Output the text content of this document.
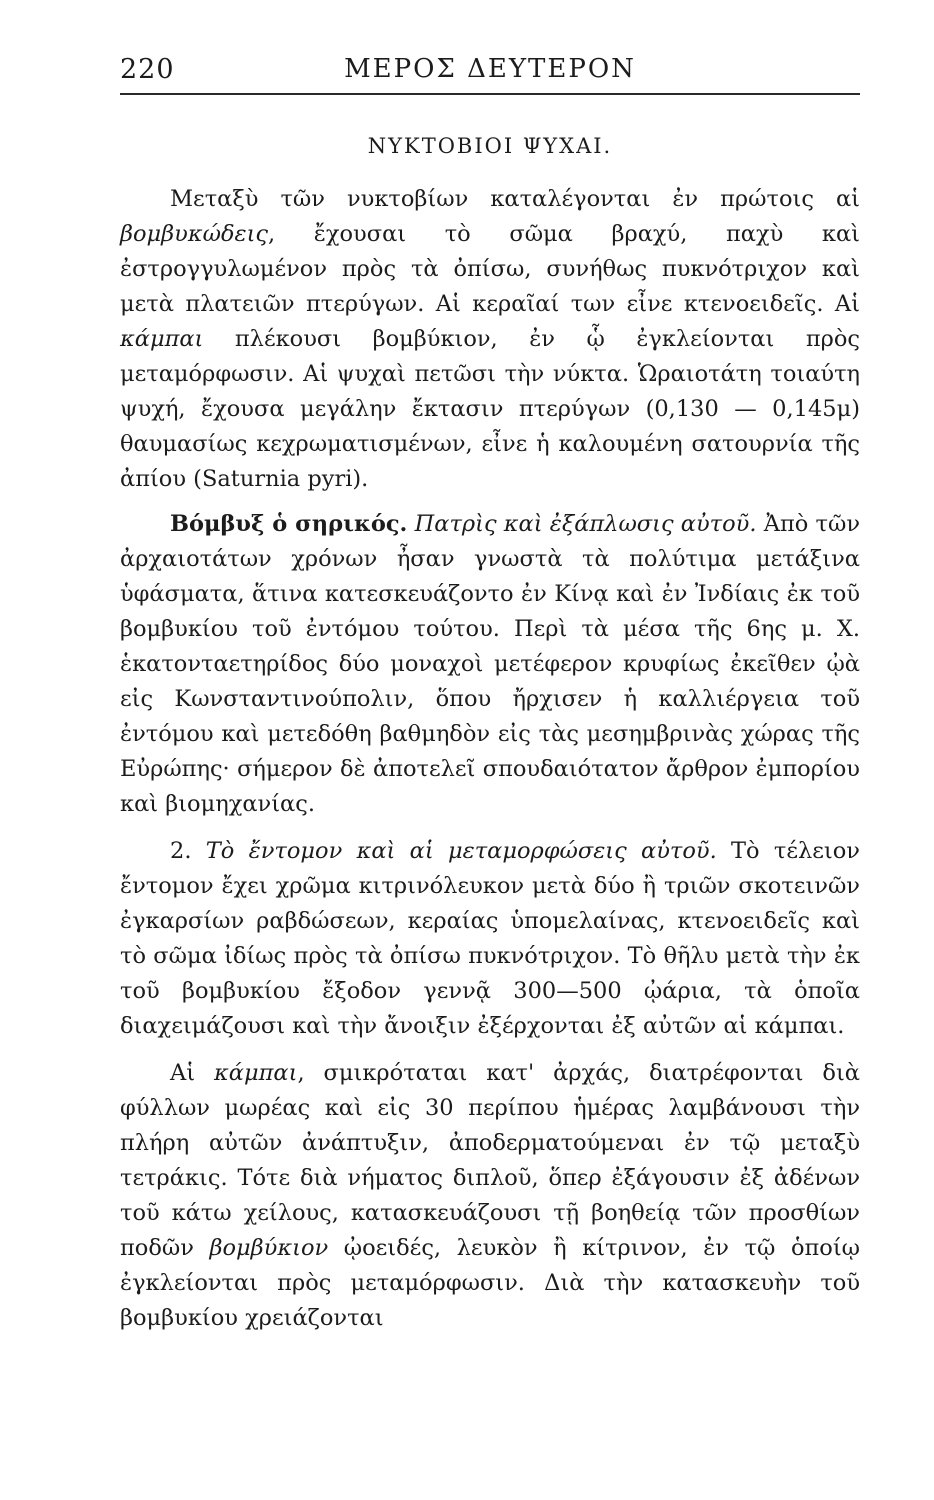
220	ΜΕΡΟΣ ΔΕΥΤΕΡΟΝ
ΝΥΚΤΟΒΙΟΙ ΨΥΧΑΙ.

Μεταξὺ τῶν νυκτοβίων καταλέγονται ἐν πρώτοις αἱ βομβυκώδεις, ἔχουσαι τὸ σῶμα βραχύ, παχὺ καὶ ἐστρογγυλωμένον πρὸς τὰ ὀπίσω, συνήθως πυκνότριχον καὶ μετὰ πλατειῶν πτερύγων. Αἱ κεραῖαί των εἶνε κτενοειδεῖς. Αἱ κάμπαι πλέκουσι βομβύκιον, ἐν ᾧ ἐγκλείονται πρὸς μεταμόρφωσιν. Αἱ ψυχαὶ πετῶσι τὴν νύκτα. Ὡραιοτάτη τοιαύτη ψυχή, ἔχουσα μεγάλην ἔκτασιν πτερύγων (0,130 — 0,145μ) θαυμασίως κεχρωματισμένων, εἶνε ἡ καλουμένη σατουρνία τῆς ἀπίου (Saturnia pyri).

Βόμβυξ ὁ σηρικός. Πατρὶς καὶ ἐξάπλωσις αὐτοῦ. Ἀπὸ τῶν ἀρχαιοτάτων χρόνων ἦσαν γνωστὰ τὰ πολύτιμα μετάξινα ὑφάσματα, ἅτινα κατεσκευάζοντο ἐν Κίνᾳ καὶ ἐν Ἰνδίαις ἐκ τοῦ βομβυκίου τοῦ ἐντόμου τούτου. Περὶ τὰ μέσα τῆς 6ης μ. Χ. ἑκατονταετηρίδος δύο μοναχοὶ μετέφερον κρυφίως ἐκεῖθεν ᾠὰ εἰς Κωνσταντινούπολιν, ὅπου ἤρχισεν ἡ καλλιέργεια τοῦ ἐντόμου καὶ μετεδόθη βαθμηδὸν εἰς τὰς μεσημβρινὰς χώρας τῆς Εὐρώπης· σήμερον δὲ ἀποτελεῖ σπουδαιότατον ἄρθρον ἐμπορίου καὶ βιομηχανίας.

2. Τὸ ἔντομον καὶ αἱ μεταμορφώσεις αὐτοῦ. Τὸ τέλειον ἔντομον ἔχει χρῶμα κιτρινόλευκον μετὰ δύο ἢ τριῶν σκοτεινῶν ἐγκαρσίων ραβδώσεων, κεραίας ὑπομελαίνας, κτενοειδεῖς καὶ τὸ σῶμα ἰδίως πρὸς τὰ ὀπίσω πυκνότριχον. Τὸ θῆλυ μετὰ τὴν ἐκ τοῦ βομβυκίου ἔξοδον γεννᾷ 300—500 ᾠάρια, τὰ ὁποῖα διαχειμάζουσι καὶ τὴν ἄνοιξιν ἐξέρχονται ἐξ αὐτῶν αἱ κάμπαι.

Αἱ κάμπαι, σμικρόταται κατ' ἀρχάς, διατρέφονται διὰ φύλλων μωρέας καὶ εἰς 30 περίπου ἡμέρας λαμβάνουσι τὴν πλήρη αὐτῶν ἀνάπτυξιν, ἀποδερματούμεναι ἐν τῷ μεταξὺ τετράκις. Τότε διὰ νήματος διπλοῦ, ὅπερ ἐξάγουσιν ἐξ ἀδένων τοῦ κάτω χείλους, κατασκευάζουσι τῇ βοηθείᾳ τῶν προσθίων ποδῶν βομβύκιον ᾠοειδές, λευκὸν ἢ κίτρινον, ἐν τῷ ὁποίῳ ἐγκλείονται πρὸς μεταμόρφωσιν. Διὰ τὴν κατασκευὴν τοῦ βομβυκίου χρειάζονται
